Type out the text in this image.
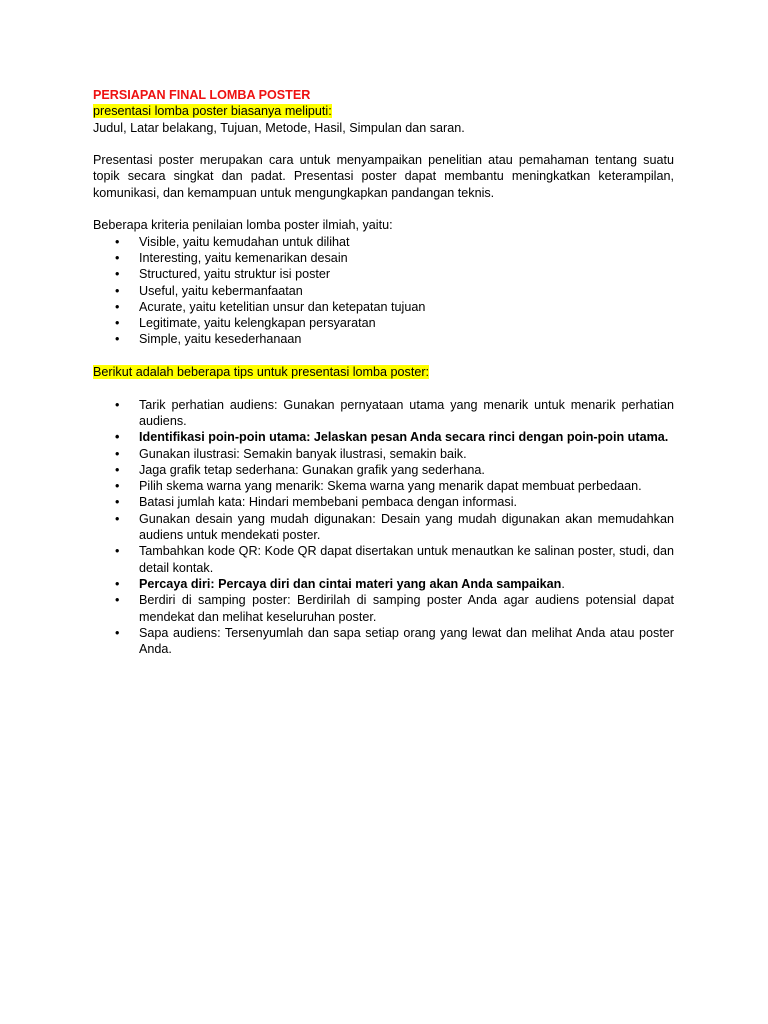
PERSIAPAN FINAL LOMBA POSTER

presentasi lomba poster biasanya meliputi:

Judul, Latar belakang, Tujuan, Metode, Hasil, Simpulan dan saran.

Presentasi poster merupakan cara untuk menyampaikan penelitian atau pemahaman tentang suatu topik secara singkat dan padat. Presentasi poster dapat membantu meningkatkan keterampilan, komunikasi, dan kemampuan untuk mengungkapkan pandangan teknis.

Beberapa kriteria penilaian lomba poster ilmiah, yaitu:

• Visible, yaitu kemudahan untuk dilihat
• Interesting, yaitu kemenarikan desain
• Structured, yaitu struktur isi poster
• Useful, yaitu kebermanfaatan
• Acurate, yaitu ketelitian unsur dan ketepatan tujuan
• Legitimate, yaitu kelengkapan persyaratan
• Simple, yaitu kesederhanaan

Berikut adalah beberapa tips untuk presentasi lomba poster:

• Tarik perhatian audiens: Gunakan pernyataan utama yang menarik untuk menarik perhatian audiens.
• Identifikasi poin-poin utama: Jelaskan pesan Anda secara rinci dengan poin-poin utama.
• Gunakan ilustrasi: Semakin banyak ilustrasi, semakin baik.
• Jaga grafik tetap sederhana: Gunakan grafik yang sederhana.
• Pilih skema warna yang menarik: Skema warna yang menarik dapat membuat perbedaan.
• Batasi jumlah kata: Hindari membebani pembaca dengan informasi.
• Gunakan desain yang mudah digunakan: Desain yang mudah digunakan akan memudahkan audiens untuk mendekati poster.
• Tambahkan kode QR: Kode QR dapat disertakan untuk menautkan ke salinan poster, studi, dan detail kontak.
• Percaya diri: Percaya diri dan cintai materi yang akan Anda sampaikan.
• Berdiri di samping poster: Berdirilah di samping poster Anda agar audiens potensial dapat mendekat dan melihat keseluruhan poster.
• Sapa audiens: Tersenyumlah dan sapa setiap orang yang lewat dan melihat Anda atau poster Anda.
